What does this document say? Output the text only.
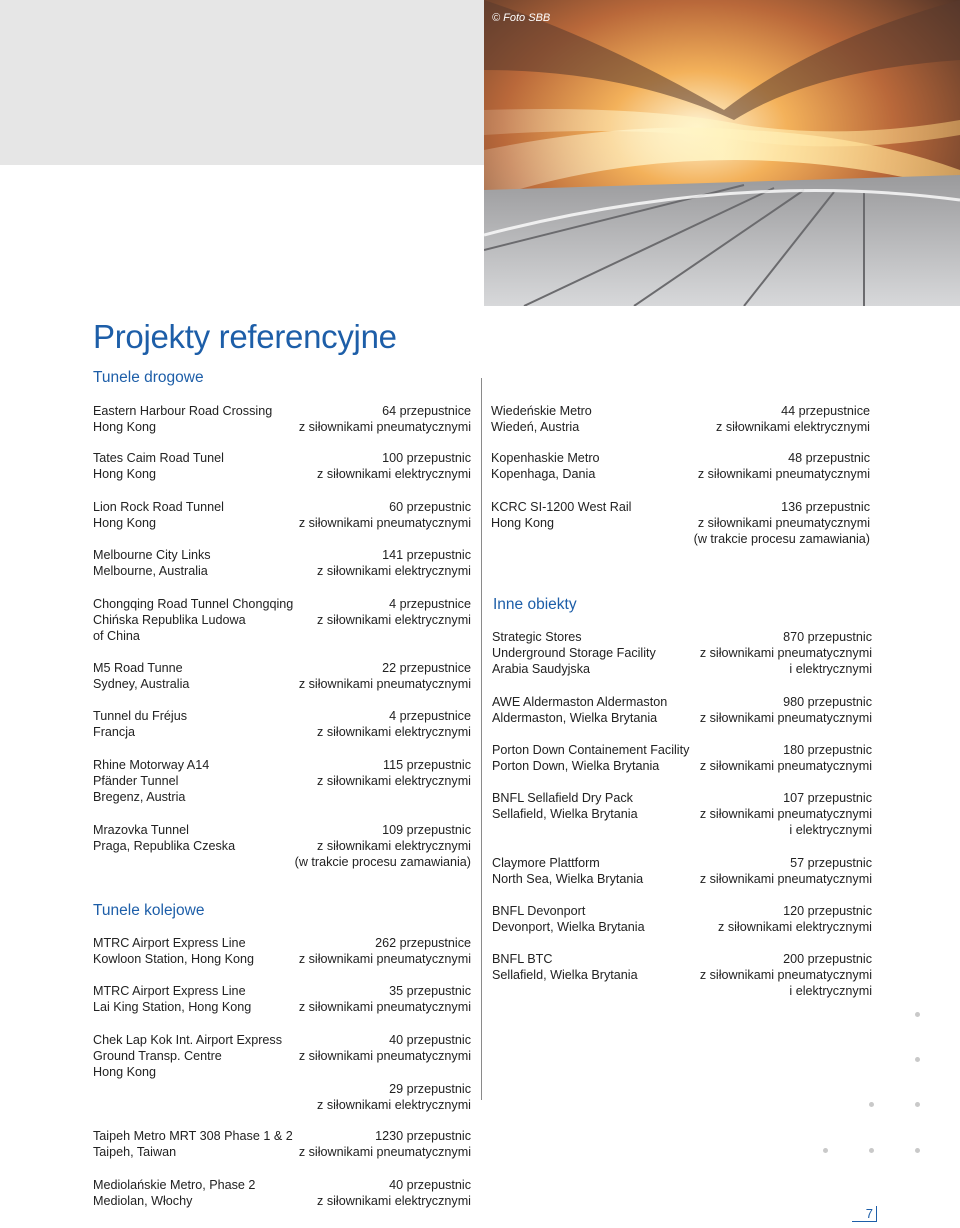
© Foto SBB
Projekty referencyjne
Tunele drogowe
Tunele kolejowe
Inne obiekty
Eastern Harbour Road Crossing
Hong Kong
64 przepustnice
z siłownikami pneumatycznymi
Tates Caim Road Tunel
Hong Kong
100 przepustnic
z siłownikami elektrycznymi
Lion Rock Road Tunnel
Hong Kong
60 przepustnic
z siłownikami pneumatycznymi
Melbourne City Links
Melbourne, Australia
141 przepustnic
z siłownikami elektrycznymi
Chongqing Road Tunnel Chongqing
Chińska Republika Ludowa
of China
4 przepustnice
z siłownikami elektrycznymi
M5 Road Tunne
Sydney, Australia
22 przepustnice
z siłownikami pneumatycznymi
Tunnel du Fréjus
Francja
4 przepustnice
z siłownikami elektrycznymi
Rhine Motorway A14
Pfänder Tunnel
Bregenz, Austria
115 przepustnic
z siłownikami elektrycznymi
Mrazovka Tunnel
Praga, Republika Czeska
109 przepustnic
z siłownikami elektrycznymi
(w trakcie procesu zamawiania)
MTRC Airport Express Line
Kowloon Station, Hong Kong
262 przepustnice
z siłownikami pneumatycznymi
MTRC Airport Express Line
Lai King Station, Hong Kong
35 przepustnic
z siłownikami pneumatycznymi
Chek Lap Kok Int. Airport Express
Ground Transp. Centre
Hong Kong
40 przepustnic
z siłownikami pneumatycznymi
29 przepustnic
z siłownikami elektrycznymi
Taipeh Metro MRT 308 Phase 1 & 2
Taipeh, Taiwan
1230 przepustnic
z siłownikami pneumatycznymi
Mediolańskie Metro, Phase 2
Mediolan, Włochy
40 przepustnic
z siłownikami elektrycznymi
Wiedeńskie Metro
Wiedeń, Austria
44 przepustnice
z siłownikami elektrycznymi
Kopenhaskie Metro
Kopenhaga, Dania
48 przepustnic
z siłownikami pneumatycznymi
KCRC SI-1200 West Rail
Hong Kong
136 przepustnic
z siłownikami pneumatycznymi
(w trakcie procesu zamawiania)
Strategic Stores
Underground Storage Facility
Arabia Saudyjska
870 przepustnic
z siłownikami pneumatycznymi
i elektrycznymi
AWE Aldermaston Aldermaston
Aldermaston, Wielka Brytania
980 przepustnic
z siłownikami pneumatycznymi
Porton Down Containement Facility
Porton Down, Wielka Brytania
180 przepustnic
z siłownikami pneumatycznymi
BNFL Sellafield Dry Pack
Sellafield, Wielka Brytania
107 przepustnic
z siłownikami pneumatycznymi
i elektrycznymi
Claymore Plattform
North Sea, Wielka Brytania
57 przepustnic
z siłownikami pneumatycznymi
BNFL Devonport
Devonport, Wielka Brytania
120 przepustnic
z siłownikami elektrycznymi
BNFL BTC
Sellafield, Wielka Brytania
200 przepustnic
z siłownikami pneumatycznymi
i elektrycznymi
7
